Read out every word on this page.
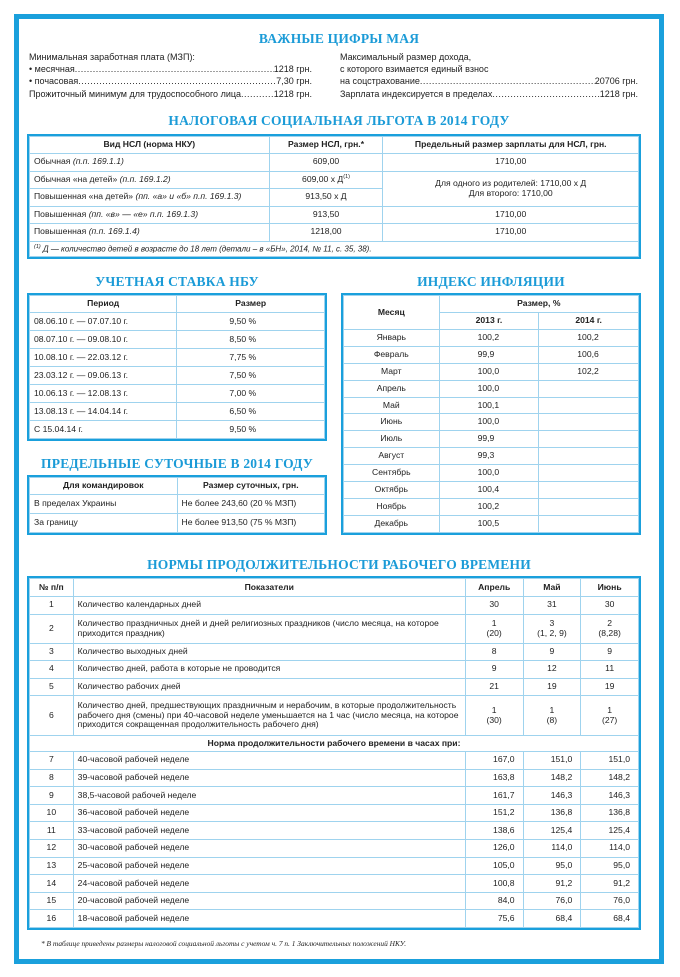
ВАЖНЫЕ ЦИФРЫ МАЯ
Минимальная заработная плата (МЗП):
• месячная .....	1218 грн.
• почасовая .....	7,30 грн.
Прожиточный минимум для трудоспособного лица .....	1218 грн.
Максимальный размер дохода,
с которого взимается единый взнос
на соцстрахование .....	20706 грн.
Зарплата индексируется в пределах .....	1218 грн.
НАЛОГОВАЯ СОЦИАЛЬНАЯ ЛЬГОТА В 2014 ГОДУ
Вид НСЛ (норма НКУ)	Размер НСЛ, грн.*	Предельный размер зарплаты для НСЛ, грн.
Обычная (п.п. 169.1.1)	609,00	1710,00
Обычная «на детей» (п.п. 169.1.2)	609,00 х $Д^{(1)}$	Для одного из родителей: 1710,00 х Д
Для второго: 1710,00
Повышенная «на детей» (пп. «а» и «б» п.п. 169.1.3)	913,50 х Д	
Повышенная (пп. «в» — «е» п.п. 169.1.3)	913,50	1710,00
Повышенная (п.п. 169.1.4)	1218,00	1710,00
$^{(1)}$ Д — количество детей в возрасте до 18 лет (детали – в «БН», 2014, № 11, с. 35, 38).		
УЧЕТНАЯ СТАВКА НБУ
Период	Размер
08.06.10 г. — 07.07.10 г.	9,50 %
08.07.10 г. — 09.08.10 г.	8,50 %
10.08.10 г. — 22.03.12 г.	7,75 %
23.03.12 г. — 09.06.13 г.	7,50 %
10.06.13 г. — 12.08.13 г.	7,00 %
13.08.13 г. — 14.04.14 г.	6,50 %
С 15.04.14 г.	9,50 %
ПРЕДЕЛЬНЫЕ СУТОЧНЫЕ В 2014 ГОДУ
Для командировок	Размер суточных, грн.
В пределах Украины	Не более 243,60 (20 % МЗП)
За границу	Не более 913,50 (75 % МЗП)
ИНДЕКС ИНФЛЯЦИИ
Месяц	Размер, %	
	2013 г.	2014 г.
Январь	100,2	100,2
Февраль	99,9	100,6
Март	100,0	102,2
Апрель	100,0	
Май	100,1	
Июнь	100,0	
Июль	99,9	
Август	99,3	
Сентябрь	100,0	
Октябрь	100,4	
Ноябрь	100,2	
Декабрь	100,5	
НОРМЫ ПРОДОЛЖИТЕЛЬНОСТИ РАБОЧЕГО ВРЕМЕНИ
№ п/п	Показатели	Апрель	Май	Июнь
1	Количество календарных дней	30	31	30
2	Количество праздничных дней и дней религиозных праздников (число месяца, на которое приходится праздник)	1
(20)	3
(1, 2, 9)	2
(8,28)
3	Количество выходных дней	8	9	9
4	Количество дней, работа в которые не проводится	9	12	11
5	Количество рабочих дней	21	19	19
6	Количество дней, предшествующих праздничным и нерабочим, в которые продолжительность рабочего дня (смены) при 40-часовой неделе уменьшается на 1 час (число месяца, на которое приходится сокращенная продолжительность рабочего дня)	1
(30)	1
(8)	1
(27)
Норма продолжительности рабочего времени в часах при:				
7	40-часовой рабочей неделе	167,0	151,0	151,0
8	39-часовой рабочей неделе	163,8	148,2	148,2
9	38,5-часовой рабочей неделе	161,7	146,3	146,3
10	36-часовой рабочей неделе	151,2	136,8	136,8
11	33-часовой рабочей неделе	138,6	125,4	125,4
12	30-часовой рабочей неделе	126,0	114,0	114,0
13	25-часовой рабочей неделе	105,0	95,0	95,0
14	24-часовой рабочей неделе	100,8	91,2	91,2
15	20-часовой рабочей неделе	84,0	76,0	76,0
16	18-часовой рабочей неделе	75,6	68,4	68,4
* В таблице приведены размеры налоговой социальной льготы с учетом ч. 7 п. 1 Заключительных положений НКУ.
